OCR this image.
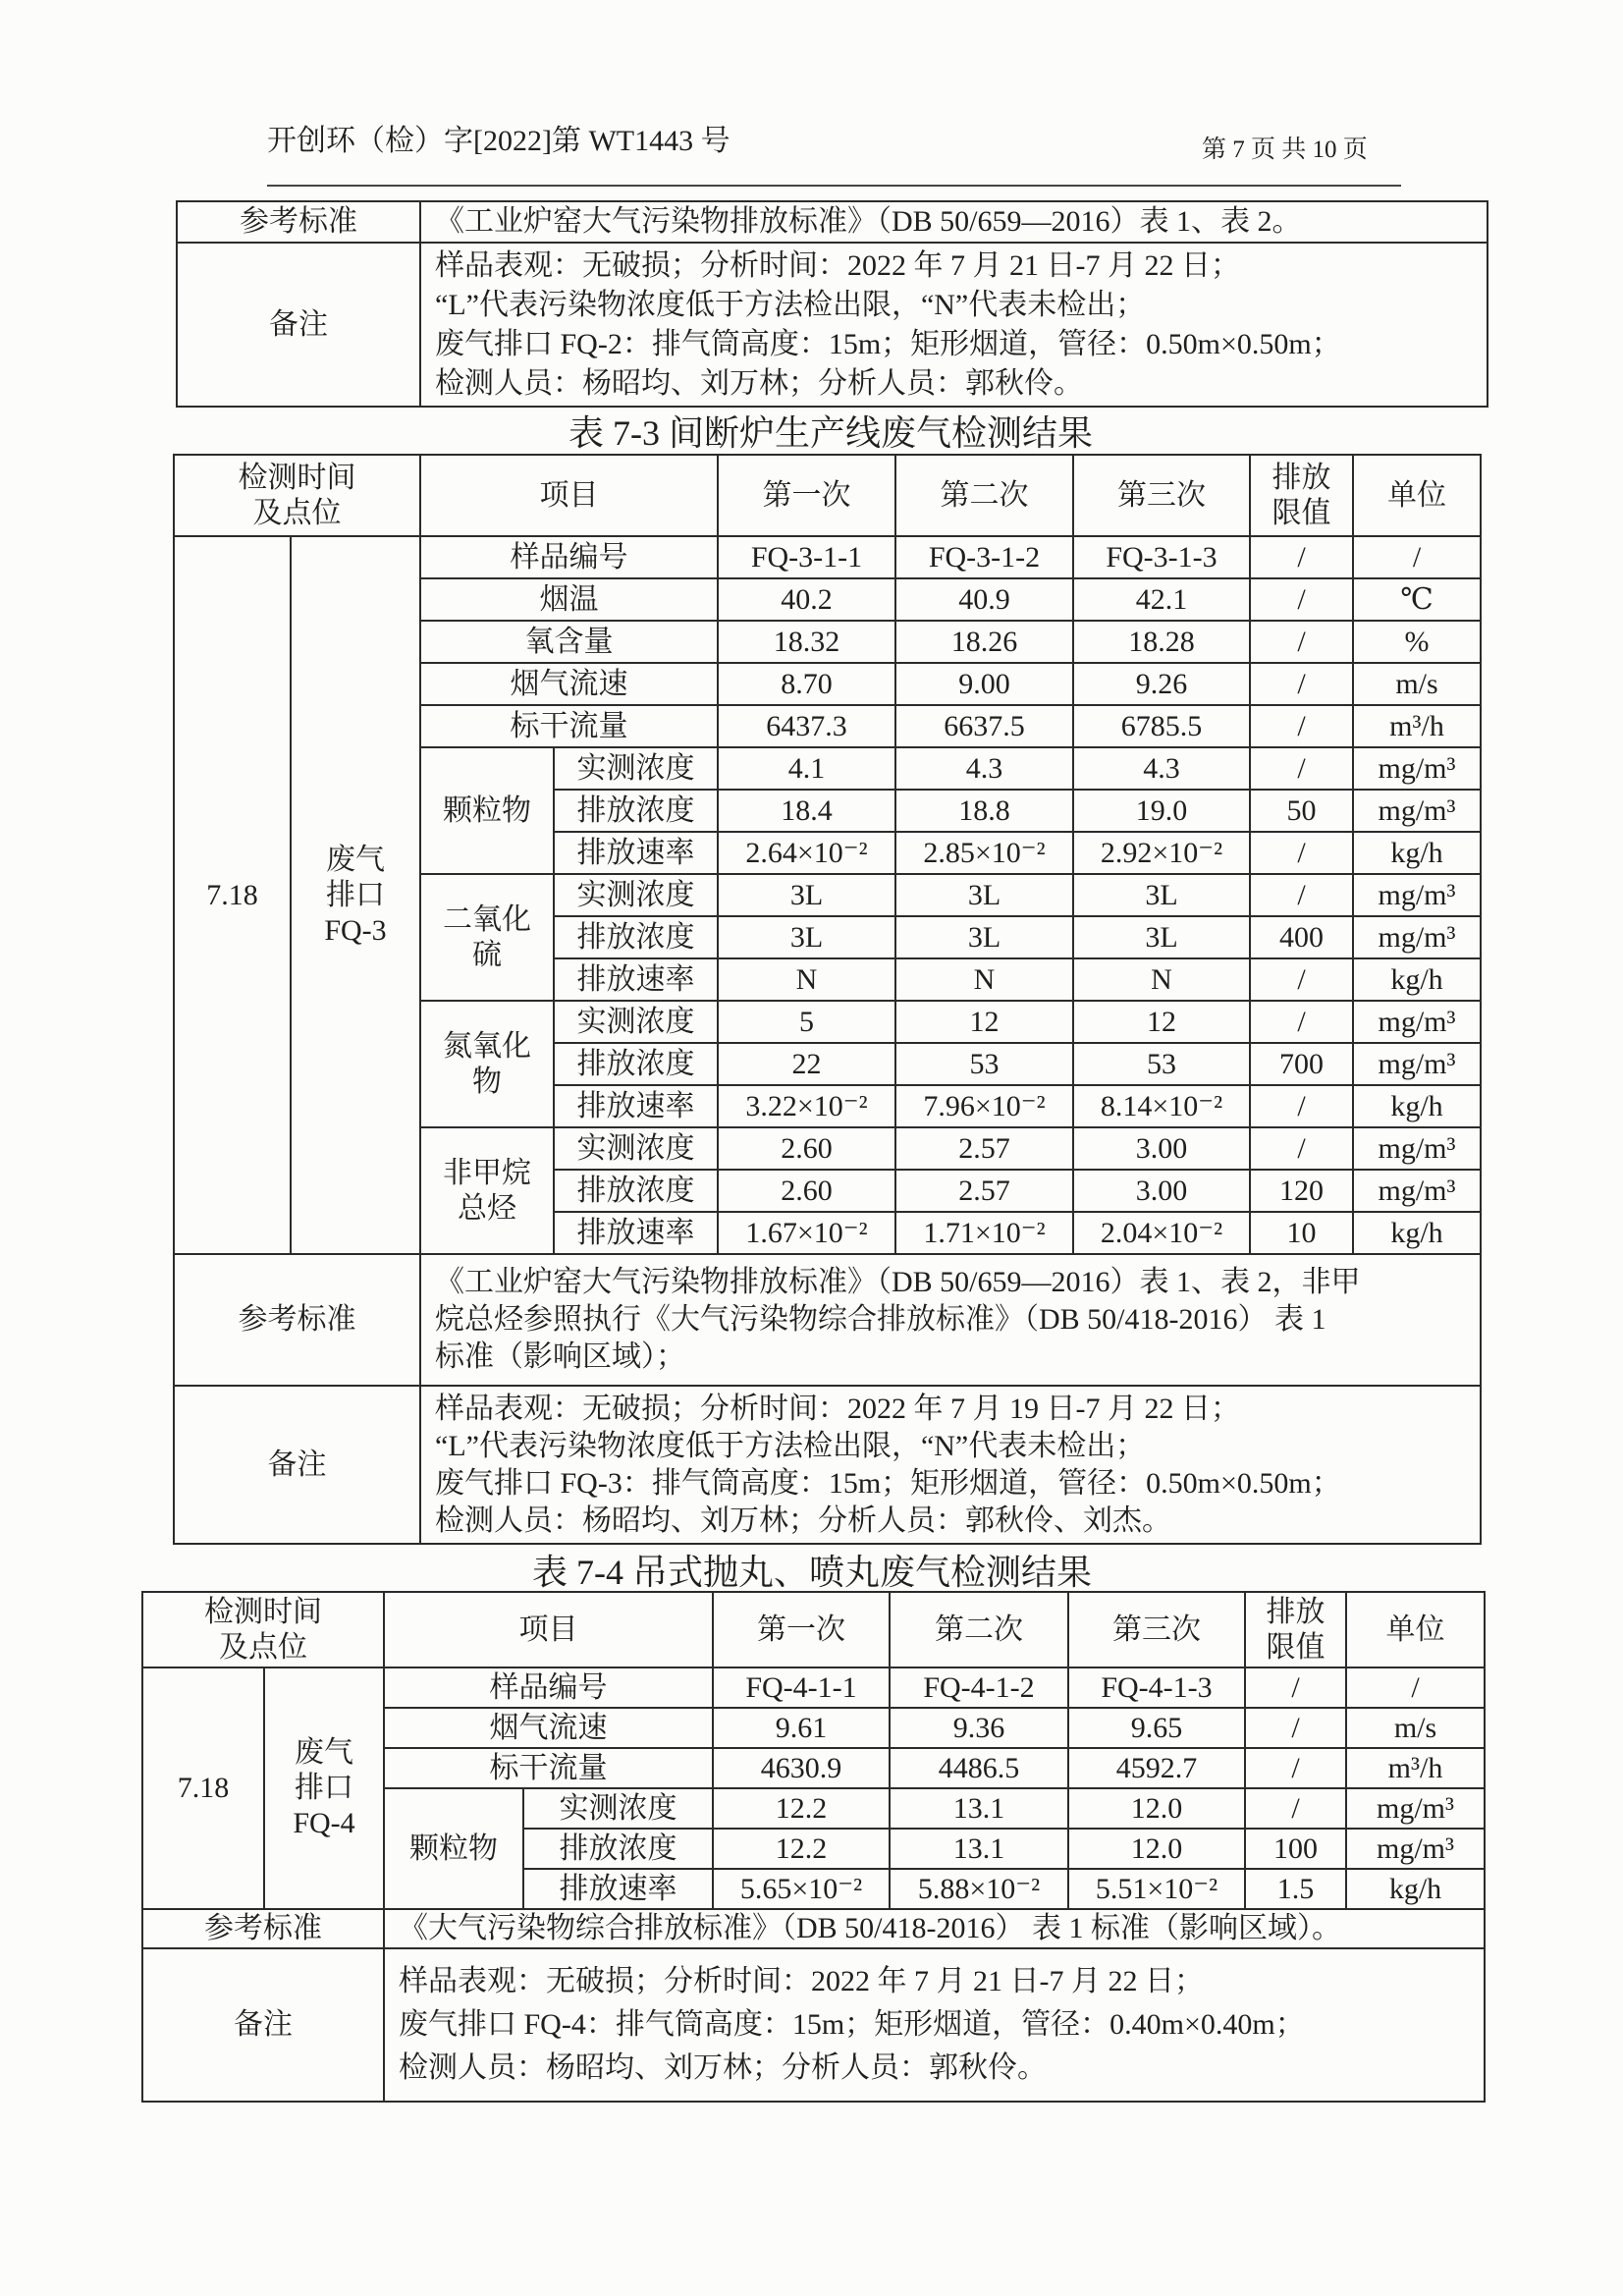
开创环（检）字[2022]第 WT1443 号	第 7 页 共 10 页
参考标准	《工业炉窑大气污染物排放标准》（DB 50/659—2016）表 1、表 2。
备注	样品表观：无破损；分析时间：2022 年 7 月 21 日-7 月 22 日；
“L”代表污染物浓度低于方法检出限，“N”代表未检出；
废气排口 FQ-2：排气筒高度：15m；矩形烟道，管径：0.50m×0.50m；
检测人员：杨昭均、刘万林；分析人员：郭秋伶。
表 7-3 间断炉生产线废气检测结果
检测时间
及点位		项目		第一次	第二次	第三次	排放
限值	单位
7.18	废气
排口
FQ-3	样品编号		FQ-3-1-1	FQ-3-1-2	FQ-3-1-3	/	/
		烟温		40.2	40.9	42.1	/	℃
		氧含量		18.32	18.26	18.28	/	%
		烟气流速		8.70	9.00	9.26	/	m/s
		标干流量		6437.3	6637.5	6785.5	/	m³/h
		颗粒物	实测浓度	4.1	4.3	4.3	/	mg/m³
			排放浓度	18.4	18.8	19.0	50	mg/m³
			排放速率	2.64×10⁻²	2.85×10⁻²	2.92×10⁻²	/	kg/h
		二氧化
硫	实测浓度	3L	3L	3L	/	mg/m³
			排放浓度	3L	3L	3L	400	mg/m³
			排放速率	N	N	N	/	kg/h
		氮氧化
物	实测浓度	5	12	12	/	mg/m³
			排放浓度	22	53	53	700	mg/m³
			排放速率	3.22×10⁻²	7.96×10⁻²	8.14×10⁻²	/	kg/h
		非甲烷
总烃	实测浓度	2.60	2.57	3.00	/	mg/m³
			排放浓度	2.60	2.57	3.00	120	mg/m³
			排放速率	1.67×10⁻²	1.71×10⁻²	2.04×10⁻²	10	kg/h
参考标准		《工业炉窑大气污染物排放标准》（DB 50/659—2016）表 1、表 2，非甲
烷总烃参照执行《大气污染物综合排放标准》（DB 50/418-2016） 表 1
标准（影响区域）；						

备注		样品表观：无破损；分析时间：2022 年 7 月 19 日-7 月 22 日；
“L”代表污染物浓度低于方法检出限，“N”代表未检出；
废气排口 FQ-3：排气筒高度：15m；矩形烟道，管径：0.50m×0.50m；
检测人员：杨昭均、刘万林；分析人员：郭秋伶、刘杰。						
表 7-4 吊式抛丸、喷丸废气检测结果
检测时间
及点位		项目		第一次	第二次	第三次	排放
限值	单位
7.18	废气
排口
FQ-4	样品编号		FQ-4-1-1	FQ-4-1-2	FQ-4-1-3	/	/
		烟气流速		9.61	9.36	9.65	/	m/s
		标干流量		4630.9	4486.5	4592.7	/	m³/h
		颗粒物	实测浓度	12.2	13.1	12.0	/	mg/m³
			排放浓度	12.2	13.1	12.0	100	mg/m³
			排放速率	5.65×10⁻²	5.88×10⁻²	5.51×10⁻²	1.5	kg/h
参考标准		《大气污染物综合排放标准》（DB 50/418-2016） 表 1 标准（影响区域）。						
备注		样品表观：无破损；分析时间：2022 年 7 月 21 日-7 月 22 日；
废气排口 FQ-4：排气筒高度：15m；矩形烟道，管径：0.40m×0.40m；
检测人员：杨昭均、刘万林；分析人员：郭秋伶。						
